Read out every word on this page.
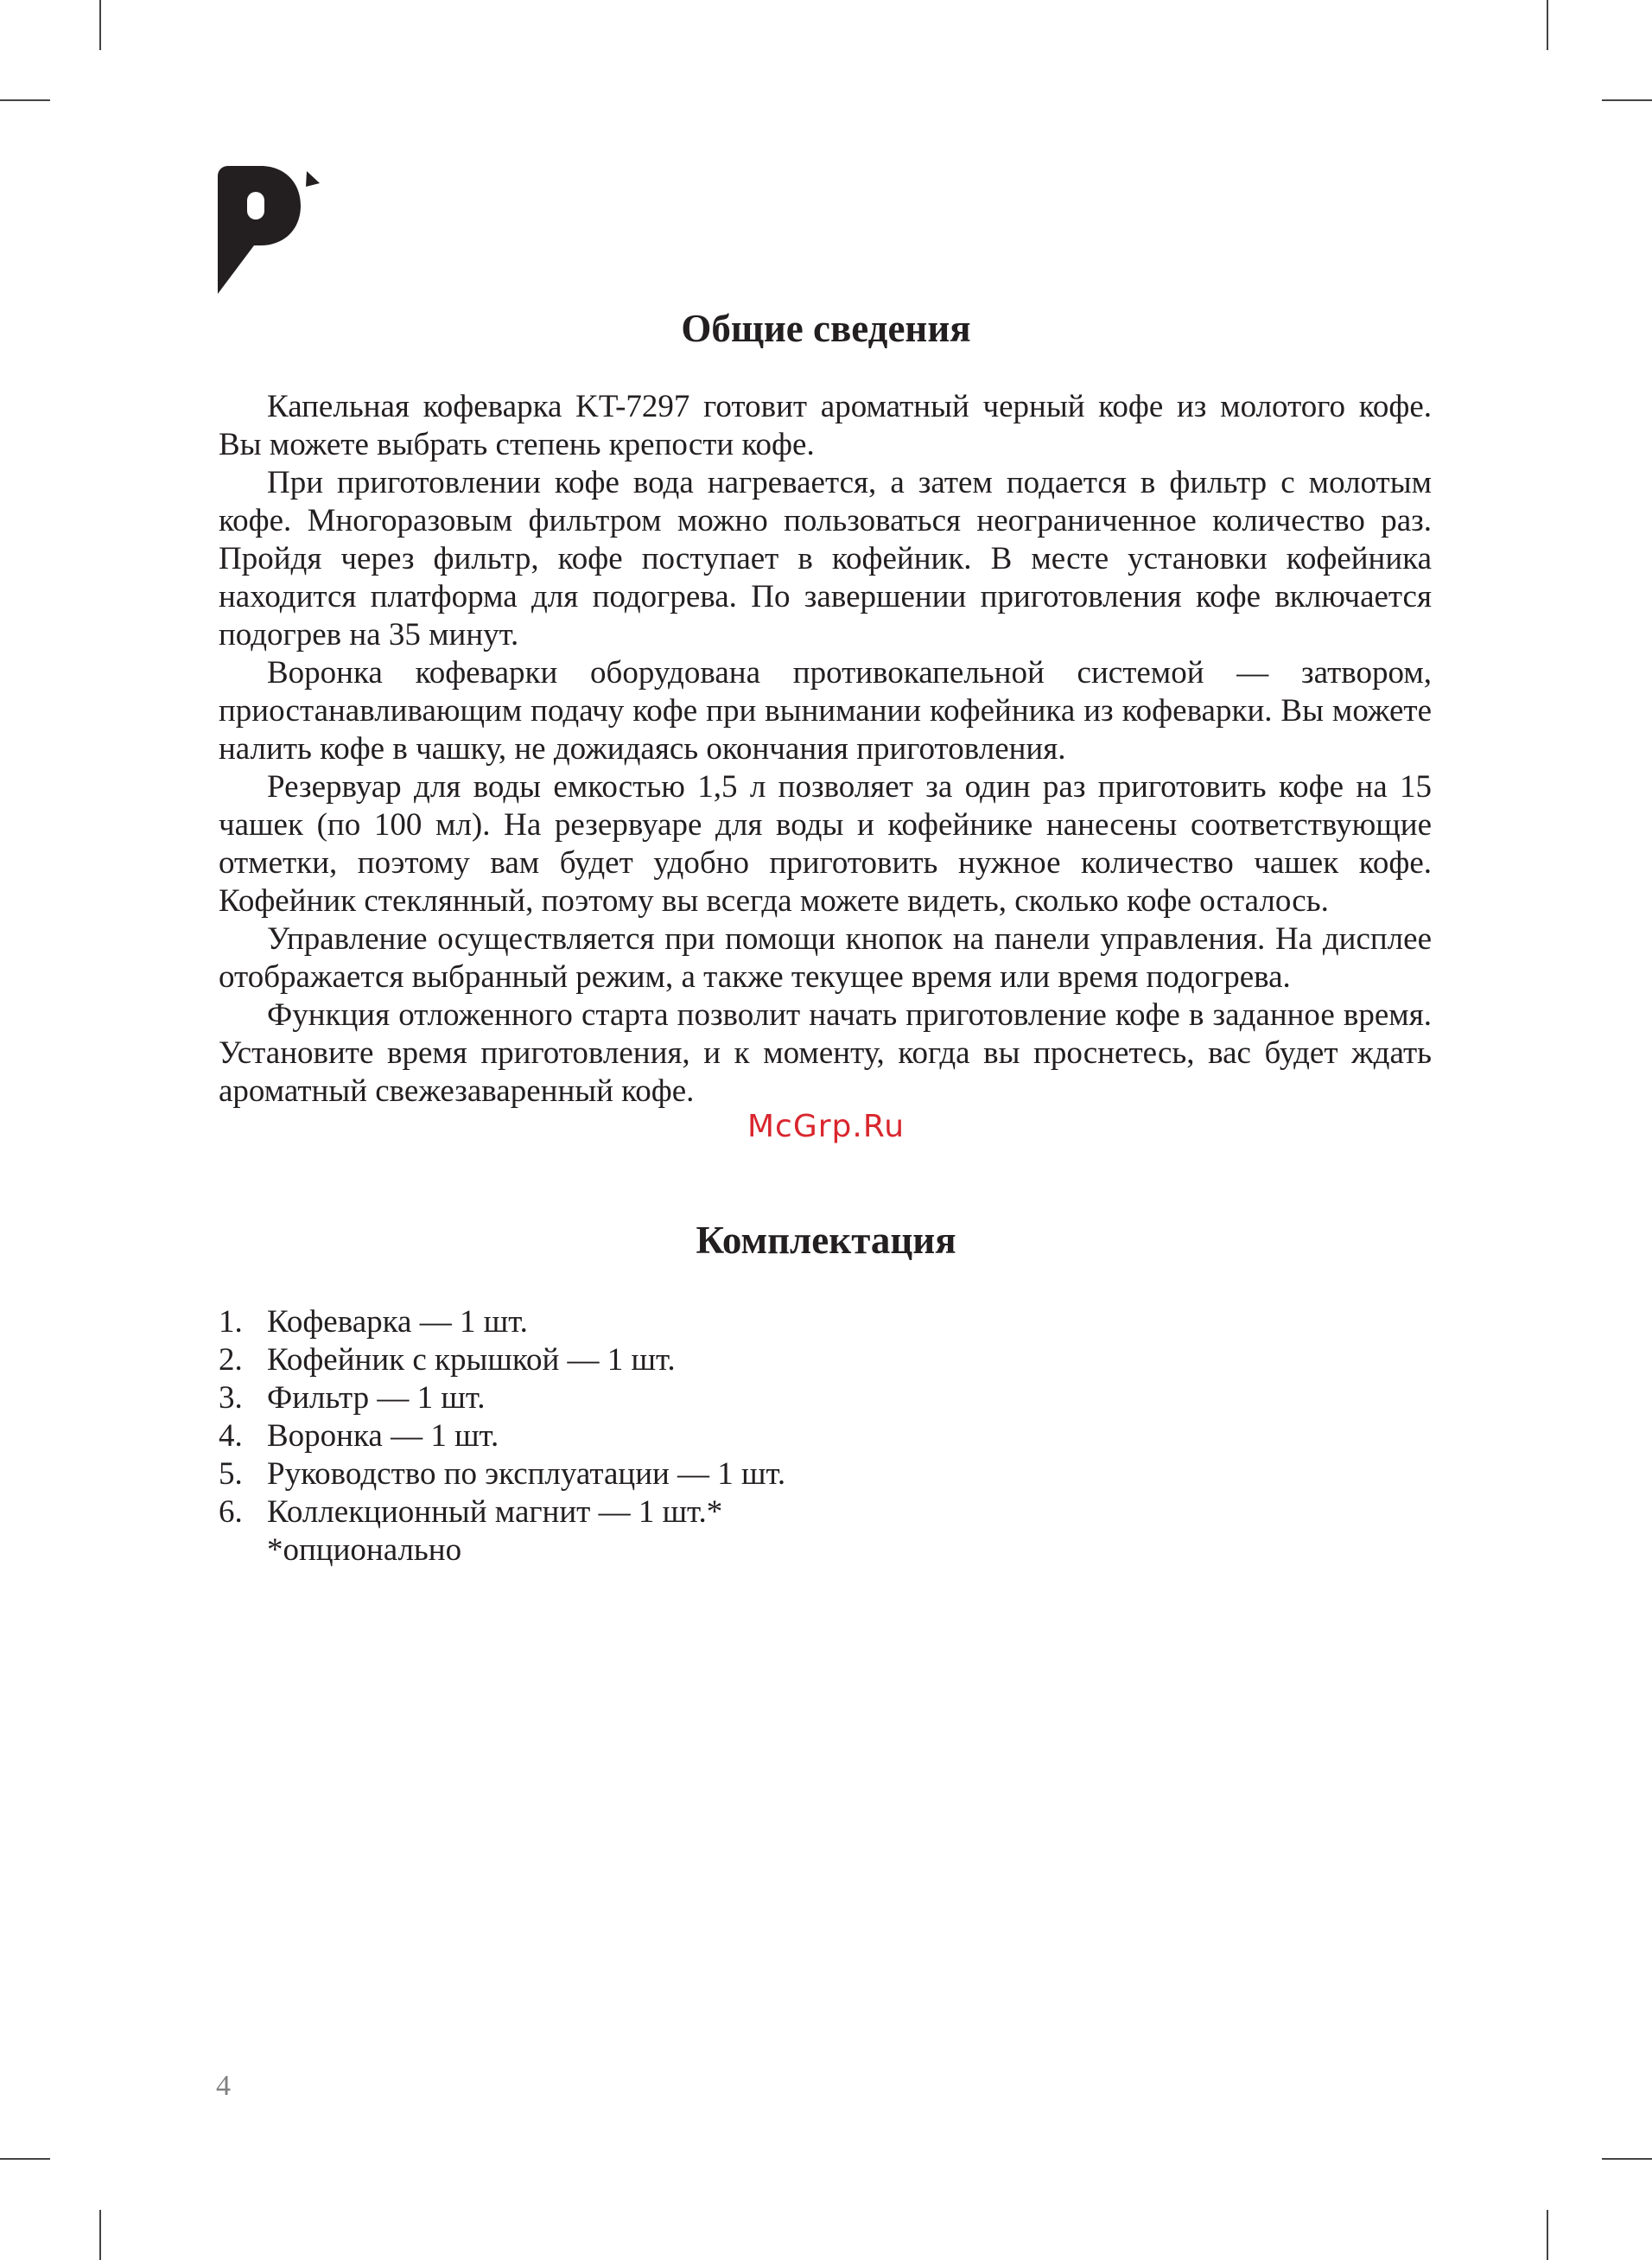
Общие сведения

Капельная кофеварка KT-7297 готовит ароматный черный кофе из молотого кофе. Вы можете выбрать степень крепости кофе.

При приготовлении кофе вода нагревается, а затем подается в фильтр с молотым кофе. Многоразовым фильтром можно пользоваться неограниченное количество раз. Пройдя через фильтр, кофе поступает в кофейник. В месте установки кофейника находится платформа для подогрева. По завершении приготовления кофе включается подогрев на 35 минут.

Воронка кофеварки оборудована противокапельной системой — затвором, приостанавливающим подачу кофе при вынимании кофейника из кофеварки. Вы можете налить кофе в чашку, не дожидаясь окончания приготовления.

Резервуар для воды емкостью 1,5 л позволяет за один раз приготовить кофе на 15 чашек (по 100 мл). На резервуаре для воды и кофейнике нанесены соответствующие отметки, поэтому вам будет удобно приготовить нужное количество чашек кофе. Кофейник стеклянный, поэтому вы всегда можете видеть, сколько кофе осталось.

Управление осуществляется при помощи кнопок на панели управления. На дисплее отображается выбранный режим, а также текущее время или время подогрева.

Функция отложенного старта позволит начать приготовление кофе в заданное время. Установите время приготовления, и к моменту, когда вы проснетесь, вас будет ждать ароматный свежезаваренный кофе.

McGrp.Ru
Комплектация
1. Кофеварка — 1 шт.
2. Кофейник с крышкой — 1 шт.
3. Фильтр — 1 шт.
4. Воронка — 1 шт.
5. Руководство по эксплуатации — 1 шт.
6. Коллекционный магнит — 1 шт.*
*опционально
4
